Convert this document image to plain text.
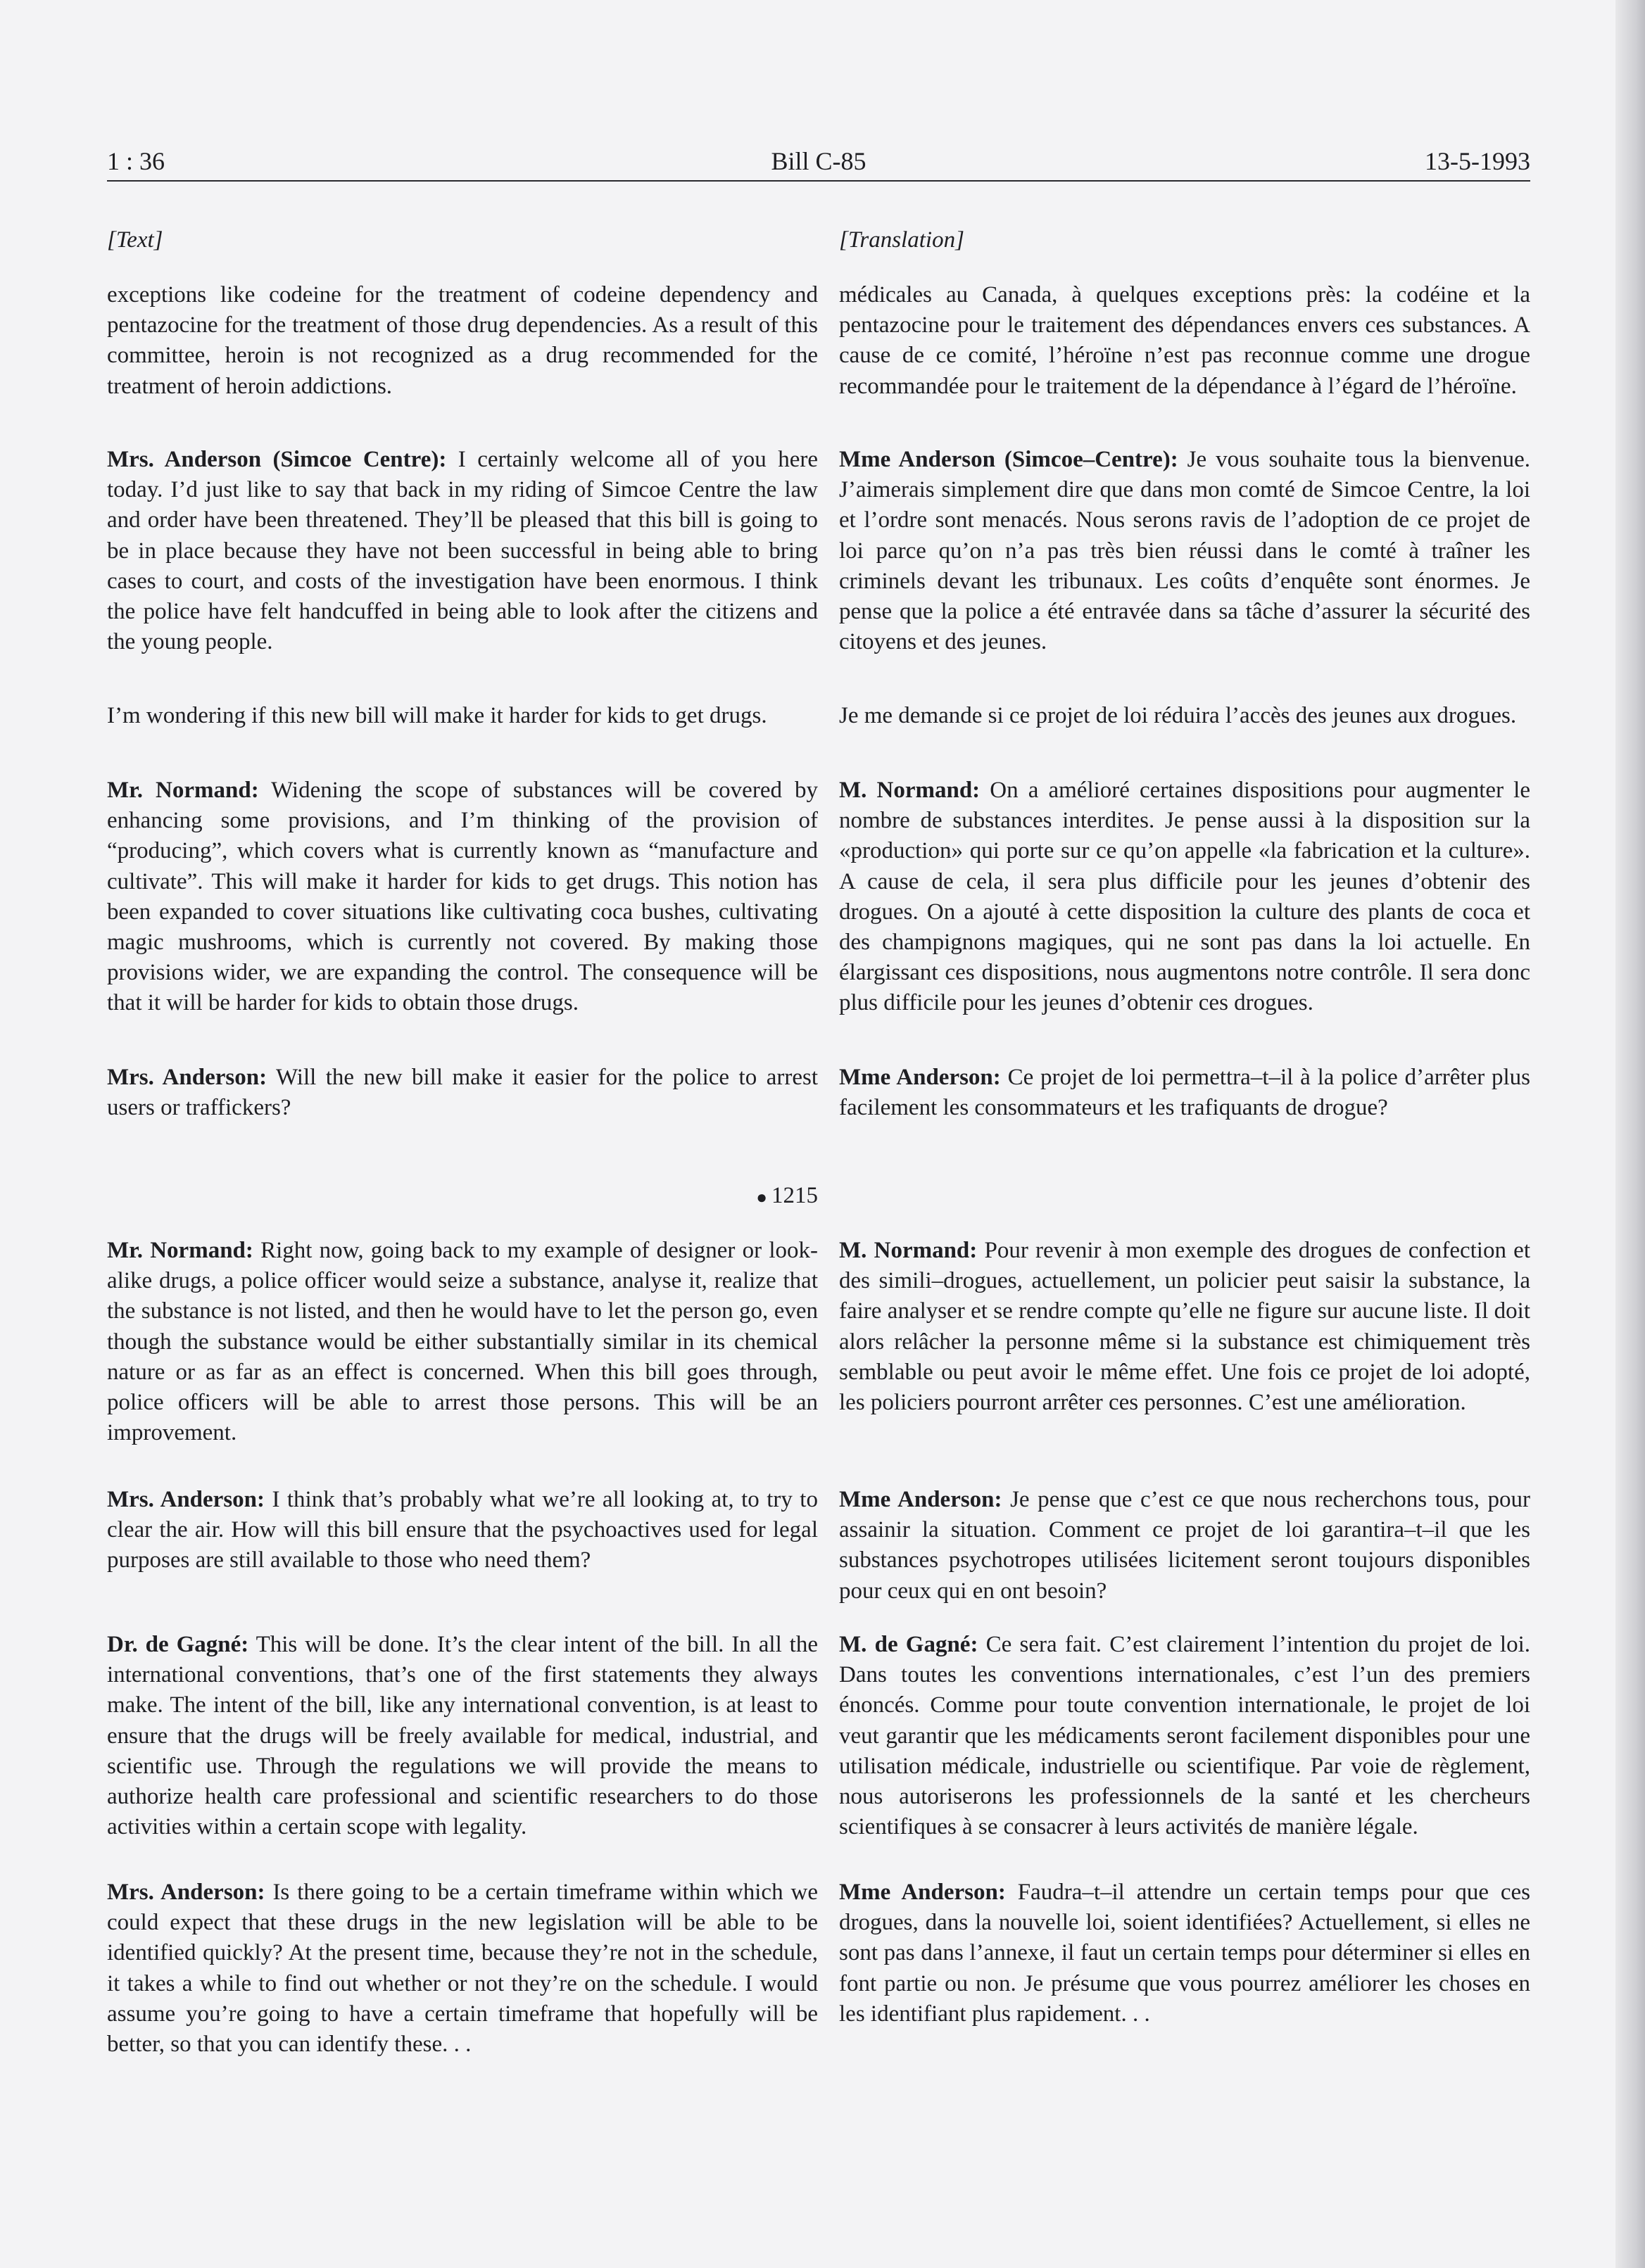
1 : 36	Bill C-85	13-5-1993
[Text]

exceptions like codeine for the treatment of codeine dependency and pentazocine for the treatment of those drug dependencies. As a result of this committee, heroin is not recognized as a drug recommended for the treatment of heroin addictions.

Mrs. Anderson (Simcoe Centre): I certainly welcome all of you here today. I’d just like to say that back in my riding of Simcoe Centre the law and order have been threatened. They’ll be pleased that this bill is going to be in place because they have not been successful in being able to bring cases to court, and costs of the investigation have been enormous. I think the police have felt handcuffed in being able to look after the citizens and the young people.

I’m wondering if this new bill will make it harder for kids to get drugs.

Mr. Normand: Widening the scope of substances will be covered by enhancing some provisions, and I’m thinking of the provision of “producing”, which covers what is currently known as “manufacture and cultivate”. This will make it harder for kids to get drugs. This notion has been expanded to cover situations like cultivating coca bushes, cultivating magic mushrooms, which is currently not covered. By making those provisions wider, we are expanding the control. The consequence will be that it will be harder for kids to obtain those drugs.

Mrs. Anderson: Will the new bill make it easier for the police to arrest users or traffickers?

● 1215

Mr. Normand: Right now, going back to my example of designer or look-alike drugs, a police officer would seize a substance, analyse it, realize that the substance is not listed, and then he would have to let the person go, even though the substance would be either substantially similar in its chemical nature or as far as an effect is concerned. When this bill goes through, police officers will be able to arrest those persons. This will be an improvement.

Mrs. Anderson: I think that’s probably what we’re all looking at, to try to clear the air. How will this bill ensure that the psychoactives used for legal purposes are still available to those who need them?

Dr. de Gagné: This will be done. It’s the clear intent of the bill. In all the international conventions, that’s one of the first statements they always make. The intent of the bill, like any international convention, is at least to ensure that the drugs will be freely available for medical, industrial, and scientific use. Through the regulations we will provide the means to authorize health care professional and scientific researchers to do those activities within a certain scope with legality.

Mrs. Anderson: Is there going to be a certain timeframe within which we could expect that these drugs in the new legislation will be able to be identified quickly? At the present time, because they’re not in the schedule, it takes a while to find out whether or not they’re on the schedule. I would assume you’re going to have a certain timeframe that hopefully will be better, so that you can identify these. . .

[Translation]

médicales au Canada, à quelques exceptions près: la codéine et la pentazocine pour le traitement des dépendances envers ces substances. A cause de ce comité, l’héroïne n’est pas reconnue comme une drogue recommandée pour le traitement de la dépendance à l’égard de l’héroïne.

Mme Anderson (Simcoe–Centre): Je vous souhaite tous la bienvenue. J’aimerais simplement dire que dans mon comté de Simcoe Centre, la loi et l’ordre sont menacés. Nous serons ravis de l’adoption de ce projet de loi parce qu’on n’a pas très bien réussi dans le comté à traîner les criminels devant les tribunaux. Les coûts d’enquête sont énormes. Je pense que la police a été entravée dans sa tâche d’assurer la sécurité des citoyens et des jeunes.

Je me demande si ce projet de loi réduira l’accès des jeunes aux drogues.

M. Normand: On a amélioré certaines dispositions pour augmenter le nombre de substances interdites. Je pense aussi à la disposition sur la «production» qui porte sur ce qu’on appelle «la fabrication et la culture». A cause de cela, il sera plus difficile pour les jeunes d’obtenir des drogues. On a ajouté à cette disposition la culture des plants de coca et des champignons magiques, qui ne sont pas dans la loi actuelle. En élargissant ces dispositions, nous augmentons notre contrôle. Il sera donc plus difficile pour les jeunes d’obtenir ces drogues.

Mme Anderson: Ce projet de loi permettra–t–il à la police d’arrêter plus facilement les consommateurs et les trafiquants de drogue?

M. Normand: Pour revenir à mon exemple des drogues de confection et des simili–drogues, actuellement, un policier peut saisir la substance, la faire analyser et se rendre compte qu’elle ne figure sur aucune liste. Il doit alors relâcher la personne même si la substance est chimiquement très semblable ou peut avoir le même effet. Une fois ce projet de loi adopté, les policiers pourront arrêter ces personnes. C’est une amélioration.

Mme Anderson: Je pense que c’est ce que nous recherchons tous, pour assainir la situation. Comment ce projet de loi garantira–t–il que les substances psychotropes utilisées licitement seront toujours disponibles pour ceux qui en ont besoin?

M. de Gagné: Ce sera fait. C’est clairement l’intention du projet de loi. Dans toutes les conventions internationales, c’est l’un des premiers énoncés. Comme pour toute convention internationale, le projet de loi veut garantir que les médicaments seront facilement disponibles pour une utilisation médicale, industrielle ou scientifique. Par voie de règlement, nous autoriserons les professionnels de la santé et les chercheurs scientifiques à se consacrer à leurs activités de manière légale.

Mme Anderson: Faudra–t–il attendre un certain temps pour que ces drogues, dans la nouvelle loi, soient identifiées? Actuellement, si elles ne sont pas dans l’annexe, il faut un certain temps pour déterminer si elles en font partie ou non. Je présume que vous pourrez améliorer les choses en les identifiant plus rapidement. . .
